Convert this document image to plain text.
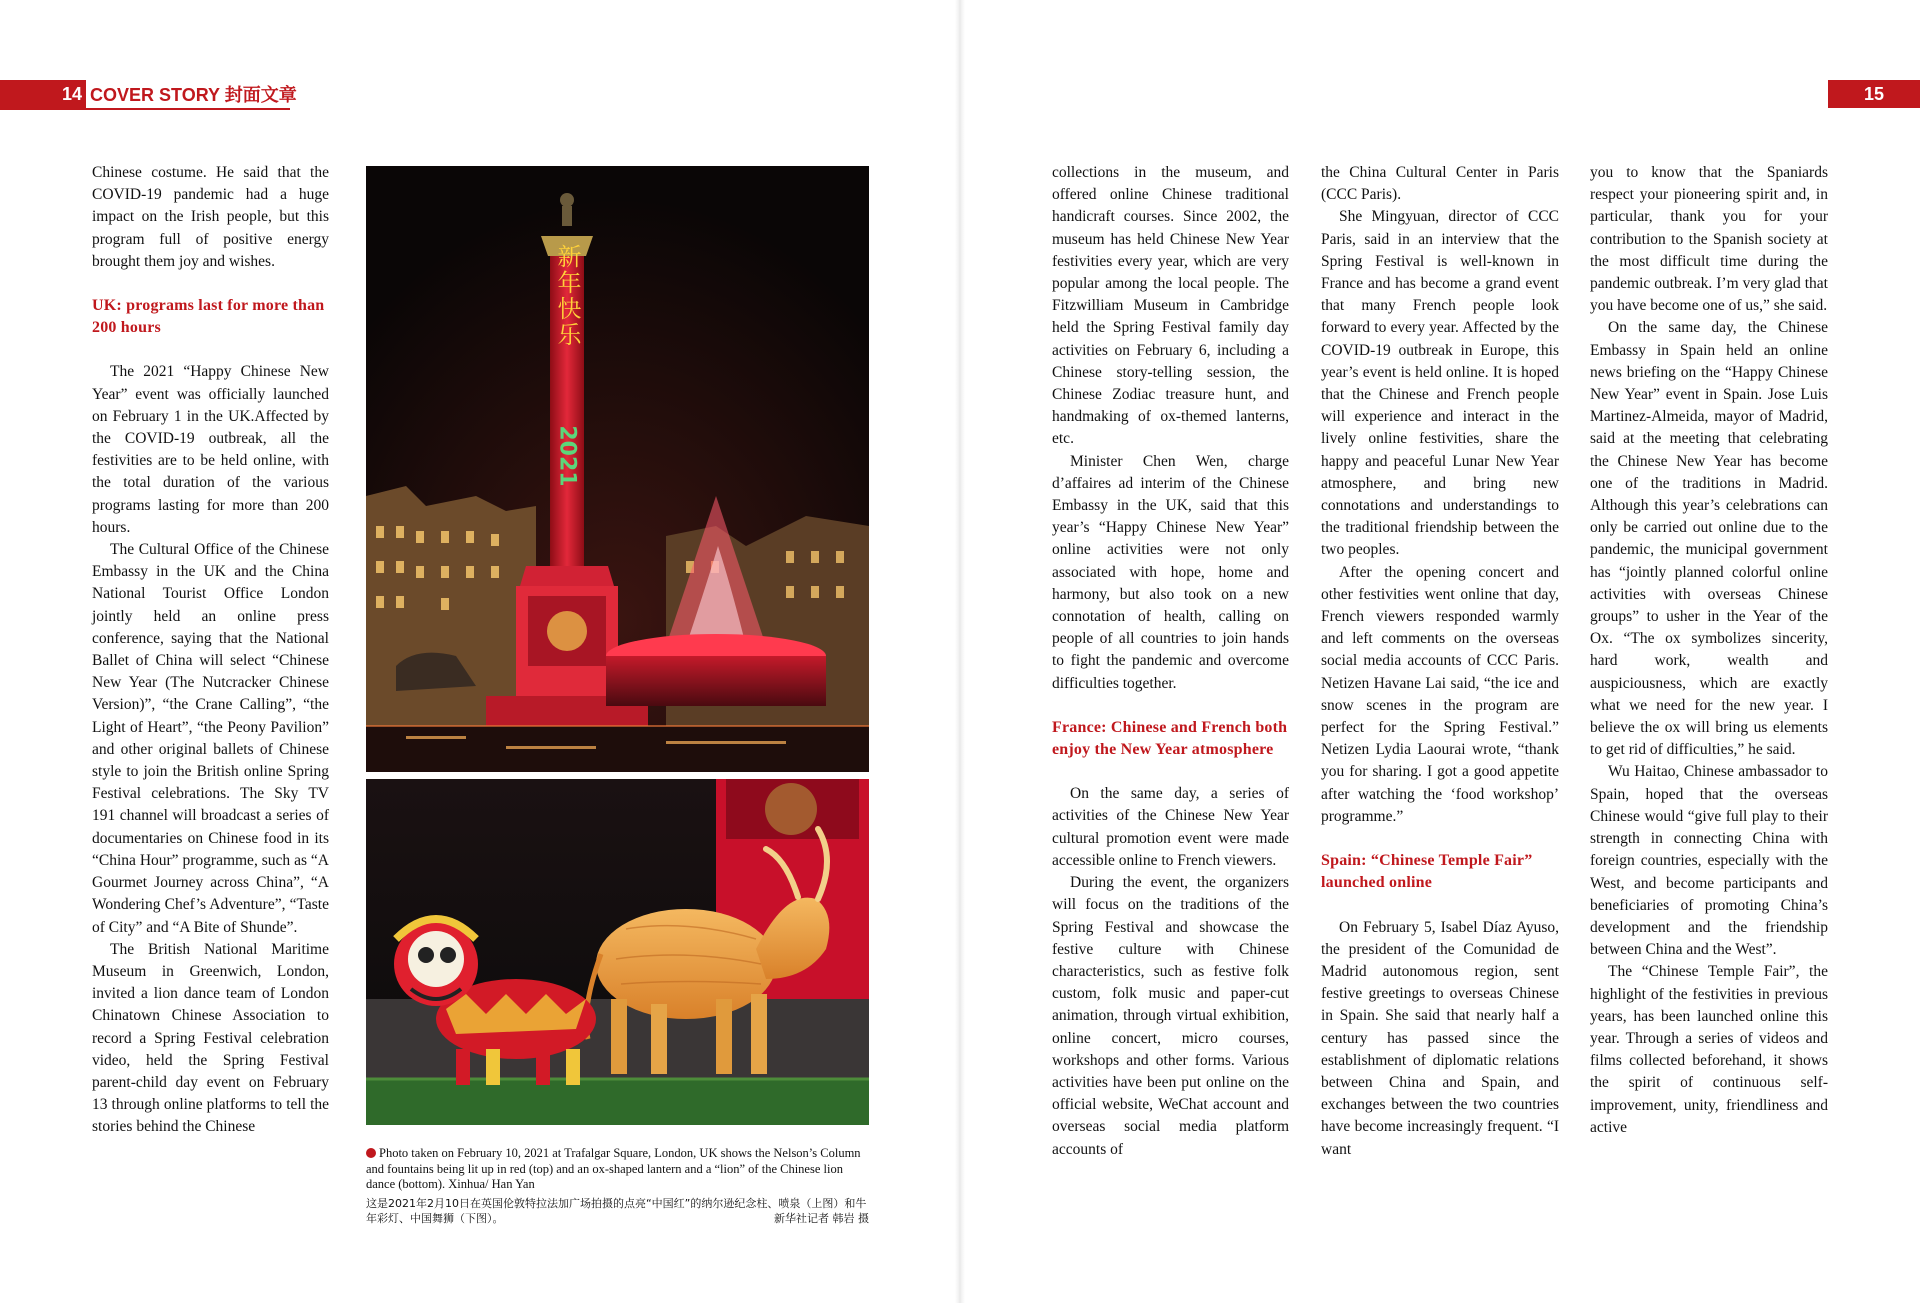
14 COVER STORY 封面文章	15

Chinese costume. He said that the COVID-19 pandemic had a huge impact on the Irish people, but this program full of positive energy brought them joy and wishes.

UK: programs last for more than 200 hours

The 2021 “Happy Chinese New Year” event was officially launched on February 1 in the UK.Affected by the COVID-19 outbreak, all the festivities are to be held online, with the total duration of the various programs lasting for more than 200 hours.

The Cultural Office of the Chinese Embassy in the UK and the China National Tourist Office London jointly held an online press conference, saying that the National Ballet of China will select “Chinese New Year (The Nutcracker Chinese Version)”, “the Crane Calling”, “the Light of Heart”, “the Peony Pavilion” and other original ballets of Chinese style to join the British online Spring Festival celebrations. The Sky TV 191 channel will broadcast a series of documentaries on Chinese food in its “China Hour” programme, such as “A Gourmet Journey across China”, “A Wondering Chef’s Adventure”, “Taste of City” and “A Bite of Shunde”.

The British National Maritime Museum in Greenwich, London, invited a lion dance team of London Chinatown Chinese Association to record a Spring Festival celebration video, held the Spring Festival parent-child day event on February 13 through online platforms to tell the stories behind the Chinese

新年快乐
2021
Photo taken on February 10, 2021 at Trafalgar Square, London, UK shows the Nelson’s Column and fountains being lit up in red (top) and an ox-shaped lantern and a “lion” of the Chinese lion dance (bottom). Xinhua/ Han Yan
这是2021年2月10日在英国伦敦特拉法加广场拍摄的点亮“中国红”的纳尔逊纪念柱、喷泉（上图）和牛年彩灯、中国舞狮（下图）。	新华社记者 韩岩 摄

collections in the museum, and offered online Chinese traditional handicraft courses. Since 2002, the museum has held Chinese New Year festivities every year, which are very popular among the local people. The Fitzwilliam Museum in Cambridge held the Spring Festival family day activities on February 6, including a Chinese story-telling session, the Chinese Zodiac treasure hunt, and handmaking of ox-themed lanterns, etc.

Minister Chen Wen, charge d’affaires ad interim of the Chinese Embassy in the UK, said that this year’s “Happy Chinese New Year” online activities were not only associated with hope, home and harmony, but also took on a new connotation of health, calling on people of all countries to join hands to fight the pandemic and overcome difficulties together.

France: Chinese and French both enjoy the New Year atmosphere

On the same day, a series of activities of the Chinese New Year cultural promotion event were made accessible online to French viewers.

During the event, the organizers will focus on the traditions of the Spring Festival and showcase the festive culture with Chinese characteristics, such as festive folk custom, folk music and paper-cut animation, through virtual exhibition, online concert, micro courses, workshops and other forms. Various activities have been put online on the official website, WeChat account and overseas social media platform accounts of

the China Cultural Center in Paris (CCC Paris).

She Mingyuan, director of CCC Paris, said in an interview that the Spring Festival is well-known in France and has become a grand event that many French people look forward to every year. Affected by the COVID-19 outbreak in Europe, this year’s event is held online. It is hoped that the Chinese and French people will experience and interact in the lively online festivities, share the happy and peaceful Lunar New Year atmosphere, and bring new connotations and understandings to the traditional friendship between the two peoples.

After the opening concert and other festivities went online that day, French viewers responded warmly and left comments on the overseas social media accounts of CCC Paris. Netizen Havane Lai said, “the ice and snow scenes in the program are perfect for the Spring Festival.” Netizen Lydia Laourai wrote, “thank you for sharing. I got a good appetite after watching the ‘food workshop’ programme.”

Spain: “Chinese Temple Fair” launched online

On February 5, Isabel Díaz Ayuso, the president of the Comunidad de Madrid autonomous region, sent festive greetings to overseas Chinese in Spain. She said that nearly half a century has passed since the establishment of diplomatic relations between China and Spain, and exchanges between the two countries have become increasingly frequent. “I want

you to know that the Spaniards respect your pioneering spirit and, in particular, thank you for your contribution to the Spanish society at the most difficult time during the pandemic outbreak. I’m very glad that you have become one of us,” she said.

On the same day, the Chinese Embassy in Spain held an online news briefing on the “Happy Chinese New Year” event in Spain. Jose Luis Martinez-Almeida, mayor of Madrid, said at the meeting that celebrating the Chinese New Year has become one of the traditions in Madrid. Although this year’s celebrations can only be carried out online due to the pandemic, the municipal government has “jointly planned colorful online activities with overseas Chinese groups” to usher in the Year of the Ox. “The ox symbolizes sincerity, hard work, wealth and auspiciousness, which are exactly what we need for the new year. I believe the ox will bring us elements to get rid of difficulties,” he said.

Wu Haitao, Chinese ambassador to Spain, hoped that the overseas Chinese would “give full play to their strength in connecting China with foreign countries, especially with the West, and become participants and beneficiaries of promoting China’s development and the friendship between China and the West”.

The “Chinese Temple Fair”, the highlight of the festivities in previous years, has been launched online this year. Through a series of videos and films collected beforehand, it shows the spirit of continuous self-improvement, unity, friendliness and active
